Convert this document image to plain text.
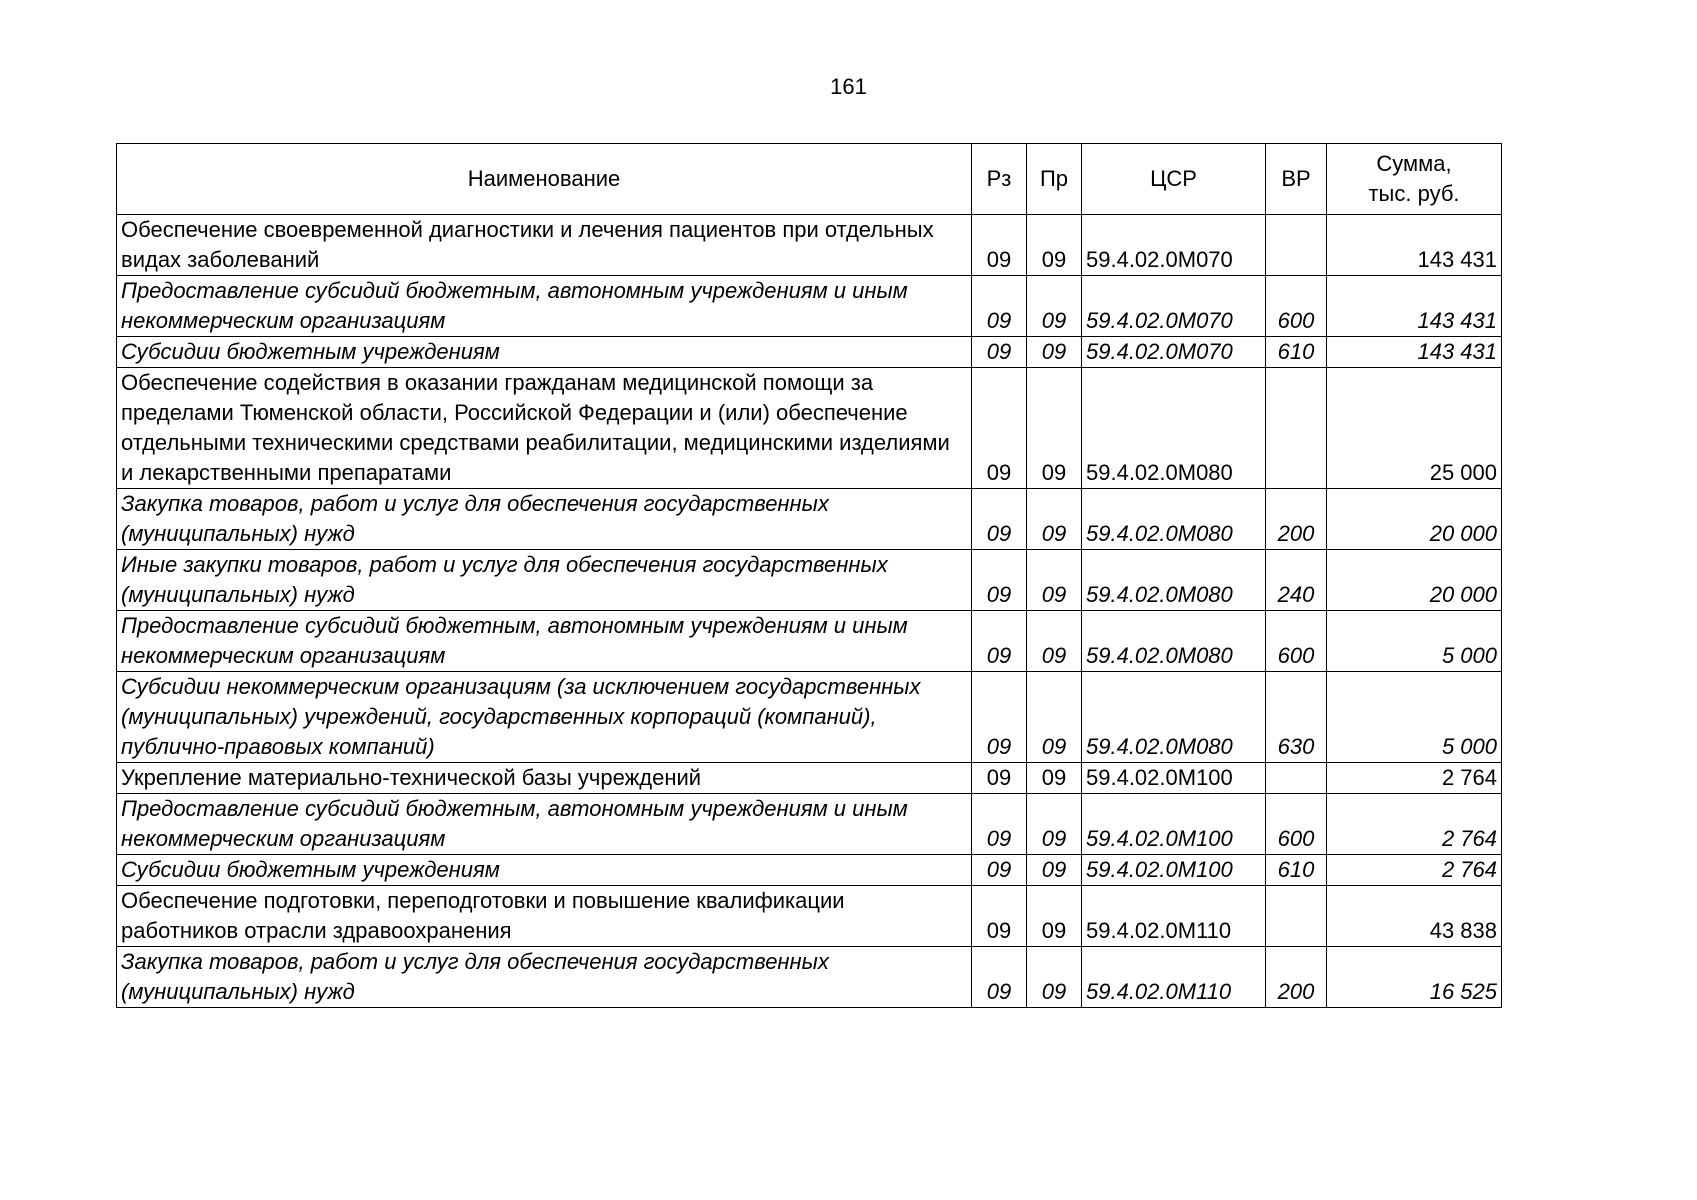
161
Наименование	Рз	Пр	ЦСР	ВР	Сумма,
тыс. руб.
Обеспечение своевременной диагностики и лечения пациентов при отдельных видах заболеваний	09	09	59.4.02.0М070		143 431
Предоставление субсидий бюджетным, автономным учреждениям и иным некоммерческим организациям	09	09	59.4.02.0М070	600	143 431
Субсидии бюджетным учреждениям	09	09	59.4.02.0М070	610	143 431
Обеспечение содействия в оказании гражданам медицинской помощи за пределами Тюменской области, Российской Федерации и (или) обеспечение отдельными техническими средствами реабилитации, медицинскими изделиями и лекарственными препаратами	09	09	59.4.02.0М080		25 000
Закупка товаров, работ и услуг для обеспечения государственных (муниципальных) нужд	09	09	59.4.02.0М080	200	20 000
Иные закупки товаров, работ и услуг для обеспечения государственных (муниципальных) нужд	09	09	59.4.02.0М080	240	20 000
Предоставление субсидий бюджетным, автономным учреждениям и иным некоммерческим организациям	09	09	59.4.02.0М080	600	5 000
Субсидии некоммерческим организациям (за исключением государственных (муниципальных) учреждений, государственных корпораций (компаний), публично-правовых компаний)	09	09	59.4.02.0М080	630	5 000
Укрепление материально-технической базы учреждений	09	09	59.4.02.0М100		2 764
Предоставление субсидий бюджетным, автономным учреждениям и иным некоммерческим организациям	09	09	59.4.02.0М100	600	2 764
Субсидии бюджетным учреждениям	09	09	59.4.02.0М100	610	2 764
Обеспечение подготовки, переподготовки и повышение квалификации работников отрасли здравоохранения	09	09	59.4.02.0М110		43 838
Закупка товаров, работ и услуг для обеспечения государственных (муниципальных) нужд	09	09	59.4.02.0М110	200	16 525
